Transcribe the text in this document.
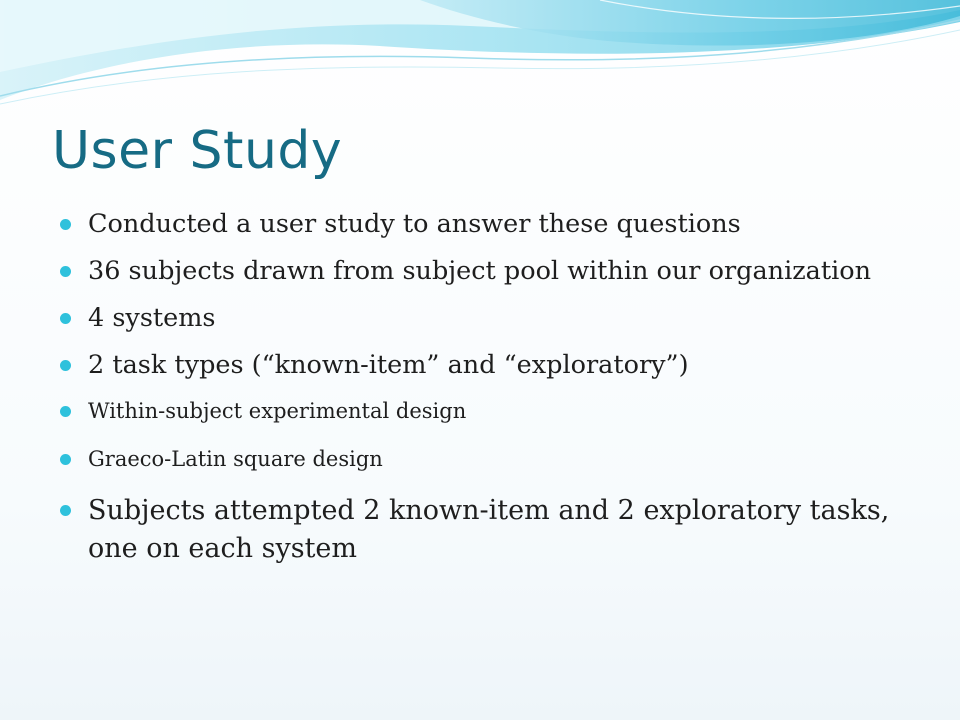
User Study
Conducted a user study to answer these questions
36 subjects drawn from subject pool within our organization
4 systems
2 task types (“known-item” and “exploratory”)
Within-subject experimental design
Graeco-Latin square design
Subjects attempted 2 known-item and 2 exploratory tasks, one on each system
